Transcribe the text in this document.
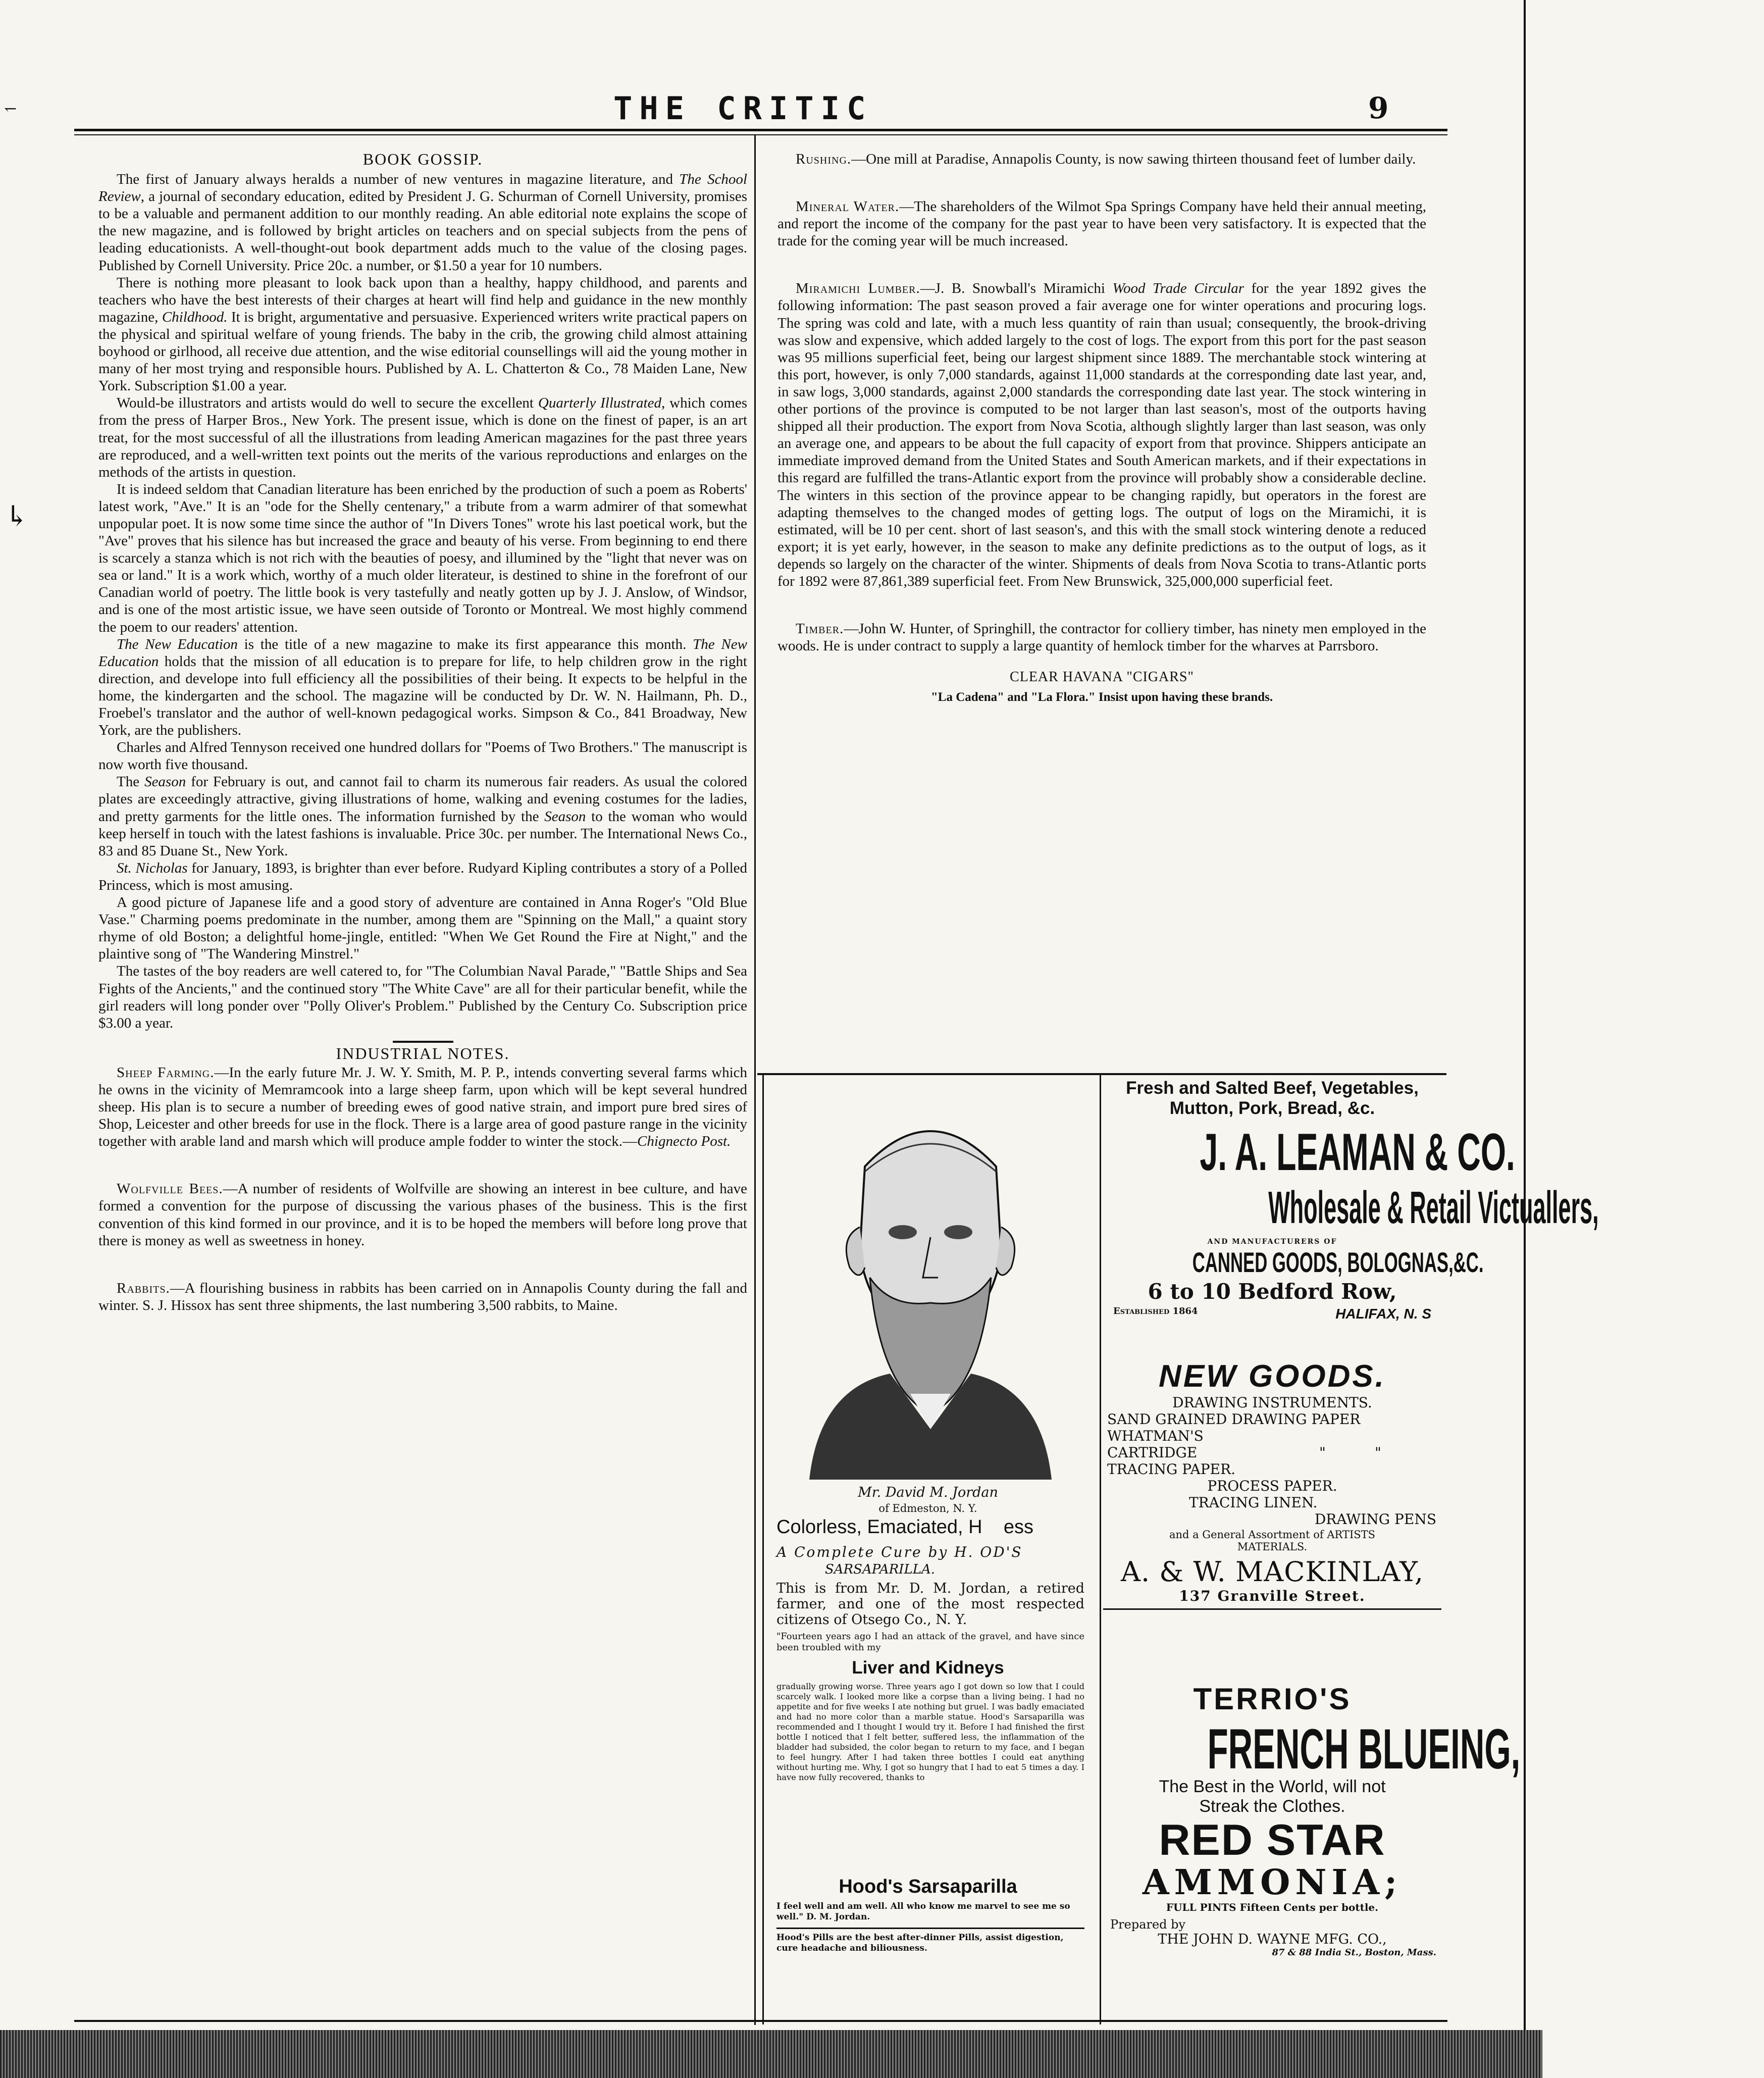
↽	THE CRITIC	9
↳
BOOK GOSSIP.

The first of January always heralds a number of new ventures in magazine literature, and The School Review, a journal of secondary education, edited by President J. G. Schurman of Cornell University, promises to be a valuable and permanent addition to our monthly reading. An able editorial note explains the scope of the new magazine, and is followed by bright articles on teachers and on special subjects from the pens of leading educationists. A well-thought-out book department adds much to the value of the closing pages. Published by Cornell University. Price 20c. a number, or $1.50 a year for 10 numbers.

There is nothing more pleasant to look back upon than a healthy, happy childhood, and parents and teachers who have the best interests of their charges at heart will find help and guidance in the new monthly magazine, Childhood. It is bright, argumentative and persuasive. Experienced writers write practical papers on the physical and spiritual welfare of young friends. The baby in the crib, the growing child almost attaining boyhood or girlhood, all receive due attention, and the wise editorial counsellings will aid the young mother in many of her most trying and responsible hours. Published by A. L. Chatterton & Co., 78 Maiden Lane, New York. Subscription $1.00 a year.

Would-be illustrators and artists would do well to secure the excellent Quarterly Illustrated, which comes from the press of Harper Bros., New York. The present issue, which is done on the finest of paper, is an art treat, for the most successful of all the illustrations from leading American magazines for the past three years are reproduced, and a well-written text points out the merits of the various reproductions and enlarges on the methods of the artists in question.

It is indeed seldom that Canadian literature has been enriched by the production of such a poem as Roberts' latest work, "Ave." It is an "ode for the Shelly centenary," a tribute from a warm admirer of that somewhat unpopular poet. It is now some time since the author of "In Divers Tones" wrote his last poetical work, but the "Ave" proves that his silence has but increased the grace and beauty of his verse. From beginning to end there is scarcely a stanza which is not rich with the beauties of poesy, and illumined by the "light that never was on sea or land." It is a work which, worthy of a much older literateur, is destined to shine in the forefront of our Canadian world of poetry. The little book is very tastefully and neatly gotten up by J. J. Anslow, of Windsor, and is one of the most artistic issue, we have seen outside of Toronto or Montreal. We most highly commend the poem to our readers' attention.

The New Education is the title of a new magazine to make its first appearance this month. The New Education holds that the mission of all education is to prepare for life, to help children grow in the right direction, and develope into full efficiency all the possibilities of their being. It expects to be helpful in the home, the kindergarten and the school. The magazine will be conducted by Dr. W. N. Hailmann, Ph. D., Froebel's translator and the author of well-known pedagogical works. Simpson & Co., 841 Broadway, New York, are the publishers.

Charles and Alfred Tennyson received one hundred dollars for "Poems of Two Brothers." The manuscript is now worth five thousand.

The Season for February is out, and cannot fail to charm its numerous fair readers. As usual the colored plates are exceedingly attractive, giving illustrations of home, walking and evening costumes for the ladies, and pretty garments for the little ones. The information furnished by the Season to the woman who would keep herself in touch with the latest fashions is invaluable. Price 30c. per number. The International News Co., 83 and 85 Duane St., New York.

St. Nicholas for January, 1893, is brighter than ever before. Rudyard Kipling contributes a story of a Polled Princess, which is most amusing.

A good picture of Japanese life and a good story of adventure are contained in Anna Roger's "Old Blue Vase." Charming poems predominate in the number, among them are "Spinning on the Mall," a quaint story rhyme of old Boston; a delightful home-jingle, entitled: "When We Get Round the Fire at Night," and the plaintive song of "The Wandering Minstrel."

The tastes of the boy readers are well catered to, for "The Columbian Naval Parade," "Battle Ships and Sea Fights of the Ancients," and the continued story "The White Cave" are all for their particular benefit, while the girl readers will long ponder over "Polly Oliver's Problem." Published by the Century Co. Subscription price $3.00 a year.

INDUSTRIAL NOTES.

Sheep Farming.—In the early future Mr. J. W. Y. Smith, M. P. P., intends converting several farms which he owns in the vicinity of Memramcook into a large sheep farm, upon which will be kept several hundred sheep. His plan is to secure a number of breeding ewes of good native strain, and import pure bred sires of Shop, Leicester and other breeds for use in the flock. There is a large area of good pasture range in the vicinity together with arable land and marsh which will produce ample fodder to winter the stock.—Chignecto Post.

Wolfville Bees.—A number of residents of Wolfville are showing an interest in bee culture, and have formed a convention for the purpose of discussing the various phases of the business. This is the first convention of this kind formed in our province, and it is to be hoped the members will before long prove that there is money as well as sweetness in honey.

Rabbits.—A flourishing business in rabbits has been carried on in Annapolis County during the fall and winter. S. J. Hissox has sent three shipments, the last numbering 3,500 rabbits, to Maine.

Rushing.—One mill at Paradise, Annapolis County, is now sawing thirteen thousand feet of lumber daily.

Mineral Water.—The shareholders of the Wilmot Spa Springs Company have held their annual meeting, and report the income of the company for the past year to have been very satisfactory. It is expected that the trade for the coming year will be much increased.

Miramichi Lumber.—J. B. Snowball's Miramichi Wood Trade Circular for the year 1892 gives the following information: The past season proved a fair average one for winter operations and procuring logs. The spring was cold and late, with a much less quantity of rain than usual; consequently, the brook-driving was slow and expensive, which added largely to the cost of logs. The export from this port for the past season was 95 millions superficial feet, being our largest shipment since 1889. The merchantable stock wintering at this port, however, is only 7,000 standards, against 11,000 standards at the corresponding date last year, and, in saw logs, 3,000 standards, against 2,000 standards the corresponding date last year. The stock wintering in other portions of the province is computed to be not larger than last season's, most of the outports having shipped all their production. The export from Nova Scotia, although slightly larger than last season, was only an average one, and appears to be about the full capacity of export from that province. Shippers anticipate an immediate improved demand from the United States and South American markets, and if their expectations in this regard are fulfilled the trans-Atlantic export from the province will probably show a considerable decline. The winters in this section of the province appear to be changing rapidly, but operators in the forest are adapting themselves to the changed modes of getting logs. The output of logs on the Miramichi, it is estimated, will be 10 per cent. short of last season's, and this with the small stock wintering denote a reduced export; it is yet early, however, in the season to make any definite predictions as to the output of logs, as it depends so largely on the character of the winter. Shipments of deals from Nova Scotia to trans-Atlantic ports for 1892 were 87,861,389 superficial feet. From New Brunswick, 325,000,000 superficial feet.

Timber.—John W. Hunter, of Springhill, the contractor for colliery timber, has ninety men employed in the woods. He is under contract to supply a large quantity of hemlock timber for the wharves at Parrsboro.

CLEAR HAVANA "CIGARS"
"La Cadena" and "La Flora." Insist upon having these brands.
Mr. David M. Jordan
of Edmeston, N. Y.
Colorless, Emaciated, H    ess
A Complete Cure by H. OD'S
SARSAPARILLA.
This is from Mr. D. M. Jordan, a retired farmer, and one of the most respected citizens of Otsego Co., N. Y.
"Fourteen years ago I had an attack of the gravel, and have since been troubled with my
Liver and Kidneys
gradually growing worse. Three years ago I got down so low that I could scarcely walk. I looked more like a corpse than a living being. I had no appetite and for five weeks I ate nothing but gruel. I was badly emaciated and had no more color than a marble statue. Hood's Sarsaparilla was recommended and I thought I would try it. Before I had finished the first bottle I noticed that I felt better, suffered less, the inflammation of the bladder had subsided, the color began to return to my face, and I began to feel hungry. After I had taken three bottles I could eat anything without hurting me. Why, I got so hungry that I had to eat 5 times a day. I have now fully recovered, thanks to
Hood's Sarsaparilla
I feel well and am well. All who know me marvel to see me so well." D. M. Jordan.
Hood's Pills are the best after-dinner Pills, assist digestion, cure headache and biliousness.
Fresh and Salted Beef, Vegetables,
Mutton, Pork, Bread, &c.
J. A. LEAMAN & CO.
Wholesale & Retail Victuallers,
AND MANUFACTURERS OF
CANNED GOODS, BOLOGNAS,&C.
6 to 10 Bedford Row,
Established 1864	HALIFAX, N. S
NEW GOODS.
DRAWING INSTRUMENTS.
SAND GRAINED DRAWING PAPER
WHATMAN'S
CARTRIDGE	"	"
TRACING PAPER.
PROCESS PAPER.
TRACING LINEN.
DRAWING PENS
and a General Assortment of ARTISTS MATERIALS.
A. & W. MACKINLAY,
137 Granville Street.
TERRIO'S
FRENCH BLUEING,
The Best in the World, will not
Streak the Clothes.
RED STAR
AMMONIA;
FULL PINTS Fifteen Cents per bottle.
Prepared by
THE JOHN D. WAYNE MFG. CO.,
87 & 88 India St., Boston, Mass.
